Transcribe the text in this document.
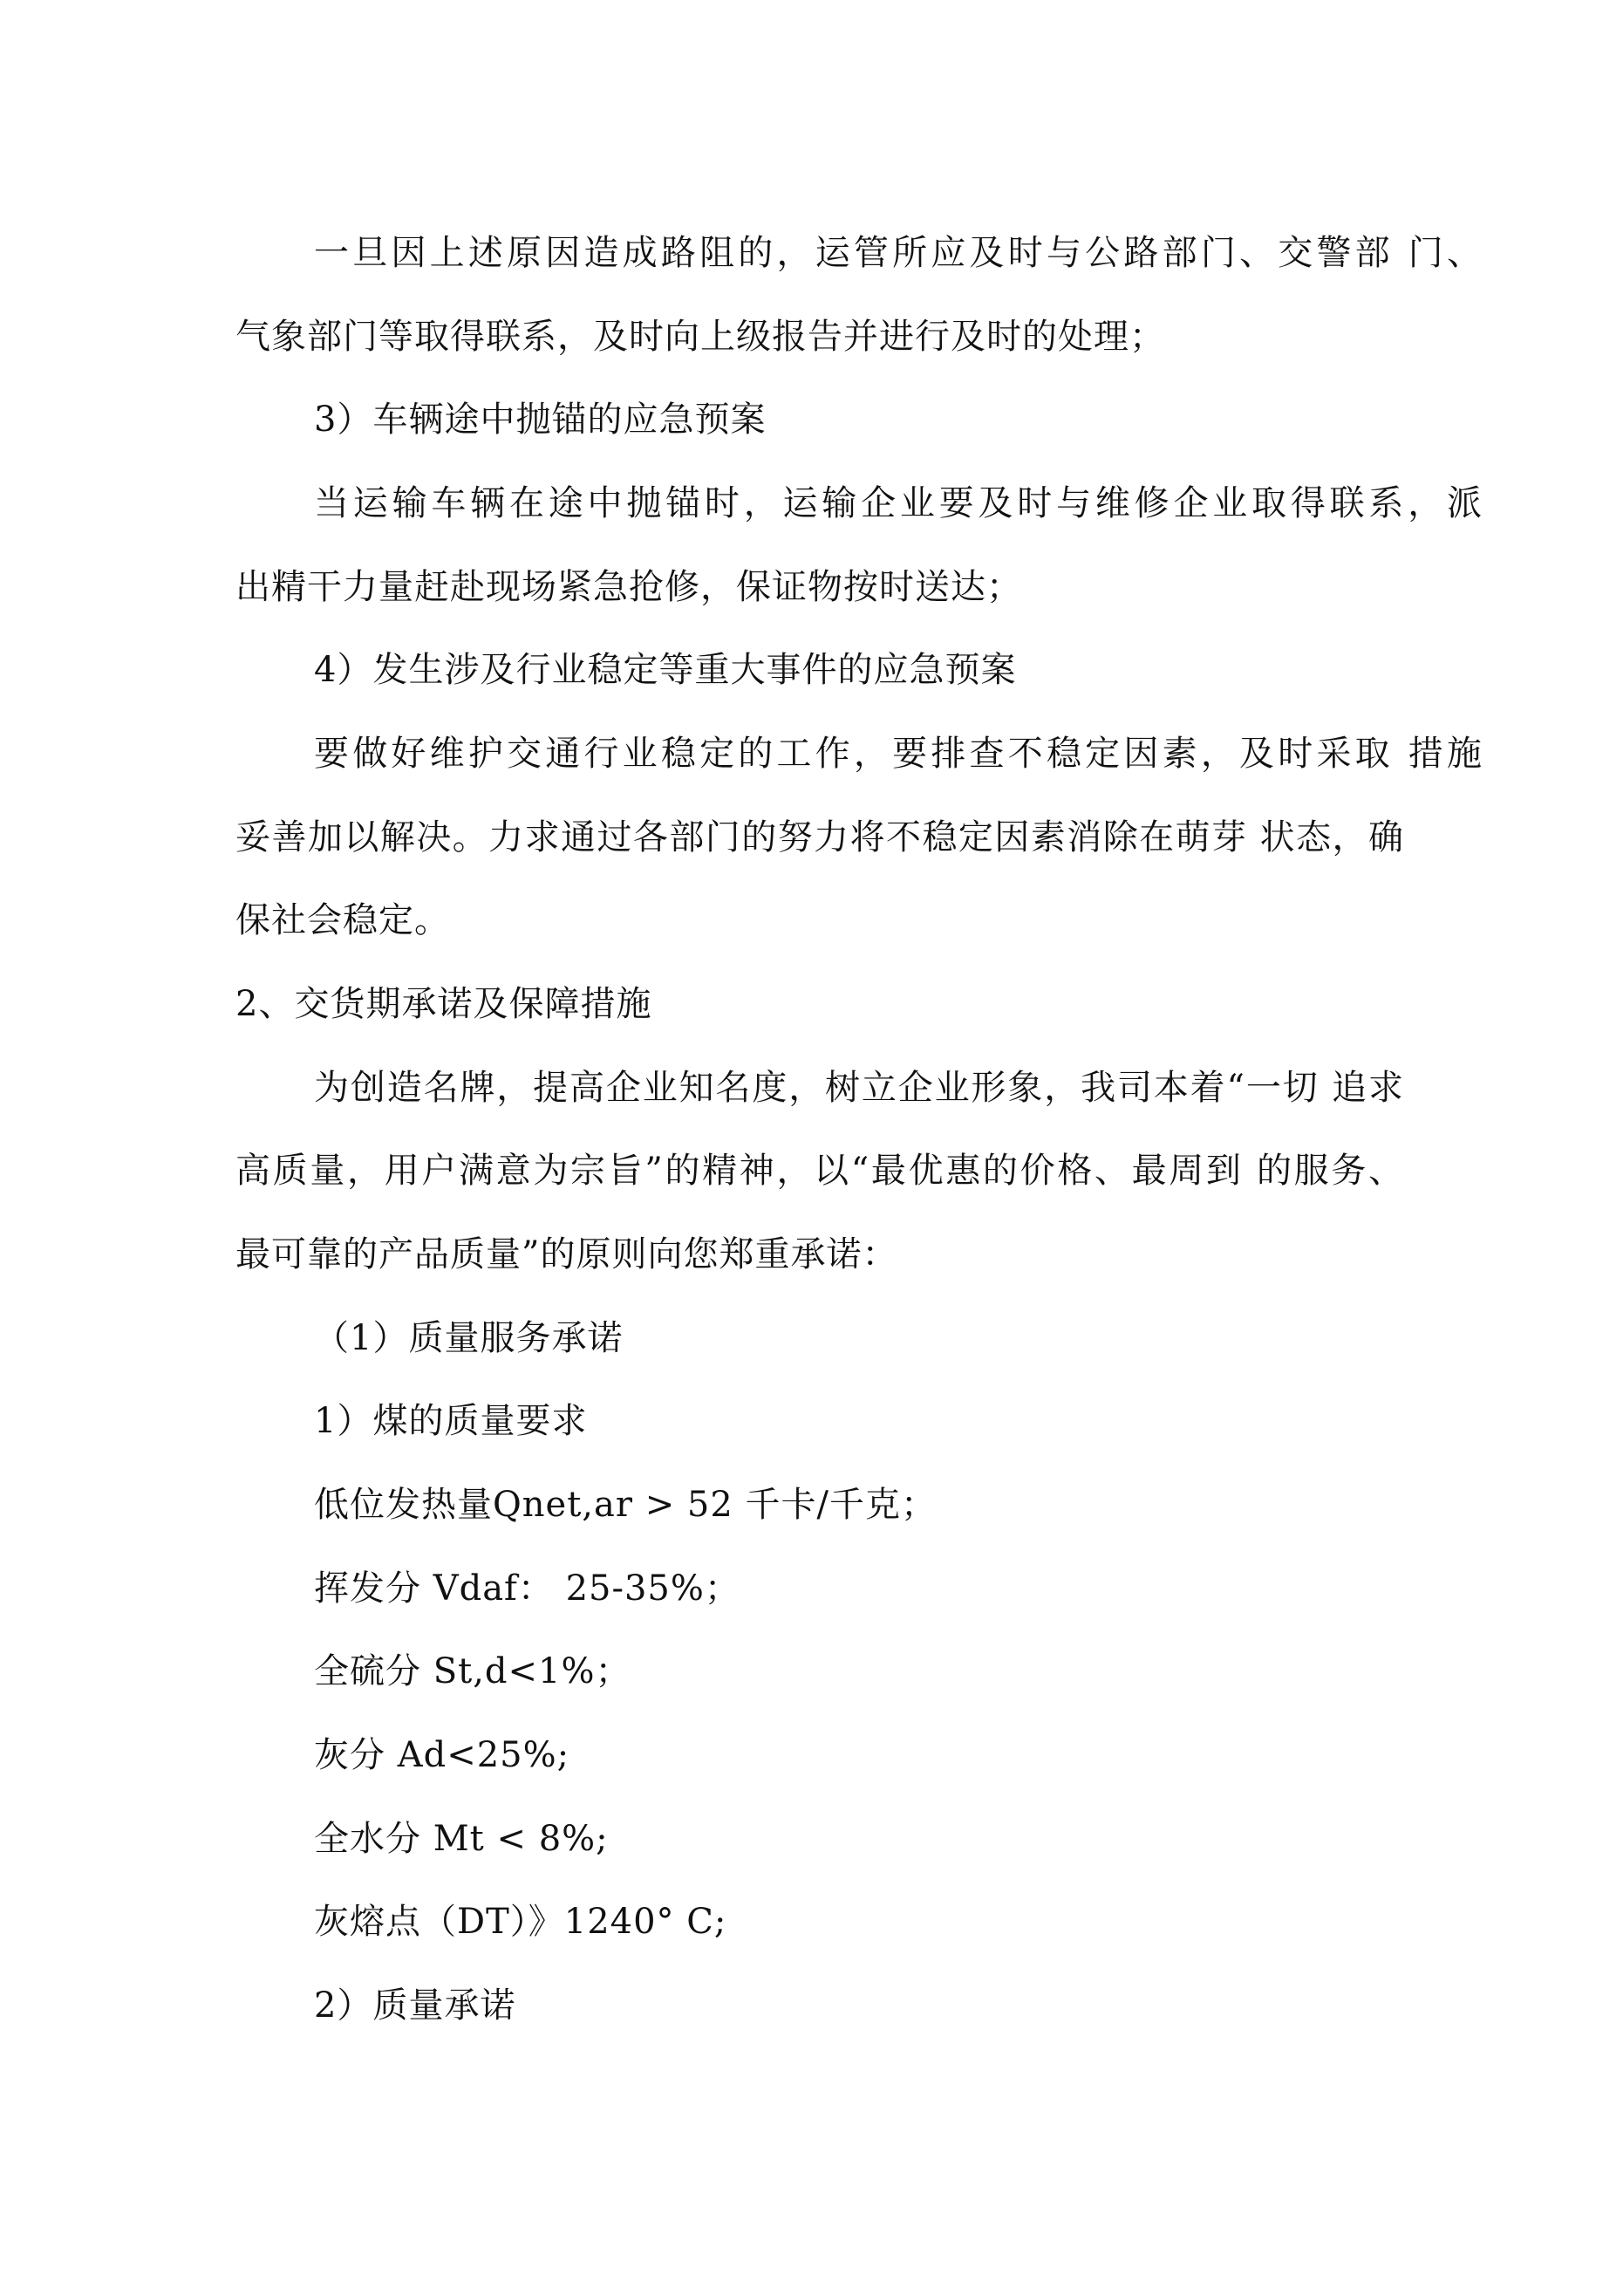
一旦因上述原因造成路阻的，运管所应及时与公路部门、交警部 门、
气象部门等取得联系，及时向上级报告并进行及时的处理；
3）车辆途中抛锚的应急预案
当运输车辆在途中抛锚时，运输企业要及时与维修企业取得联系，派
出精干力量赶赴现场紧急抢修，保证物按时送达；
4）发生涉及行业稳定等重大事件的应急预案
要做好维护交通行业稳定的工作，要排查不稳定因素，及时采取 措施
妥善加以解决。力求通过各部门的努力将不稳定因素消除在萌芽 状态，确
保社会稳定。
2、交货期承诺及保障措施
为创造名牌，提高企业知名度，树立企业形象，我司本着“一切 追求
高质量，用户满意为宗旨”的精神，以“最优惠的价格、最周到 的服务、
最可靠的产品质量”的原则向您郑重承诺：
（1）质量服务承诺
1）煤的质量要求
低位发热量Qnet,ar > 52 千卡/千克；
挥发分 Vdaf： 25-35%；
全硫分 St,d<1%；
灰分 Ad<25%;
全水分 Mt < 8%;
灰熔点（DT）》1240° C;
2）质量承诺
